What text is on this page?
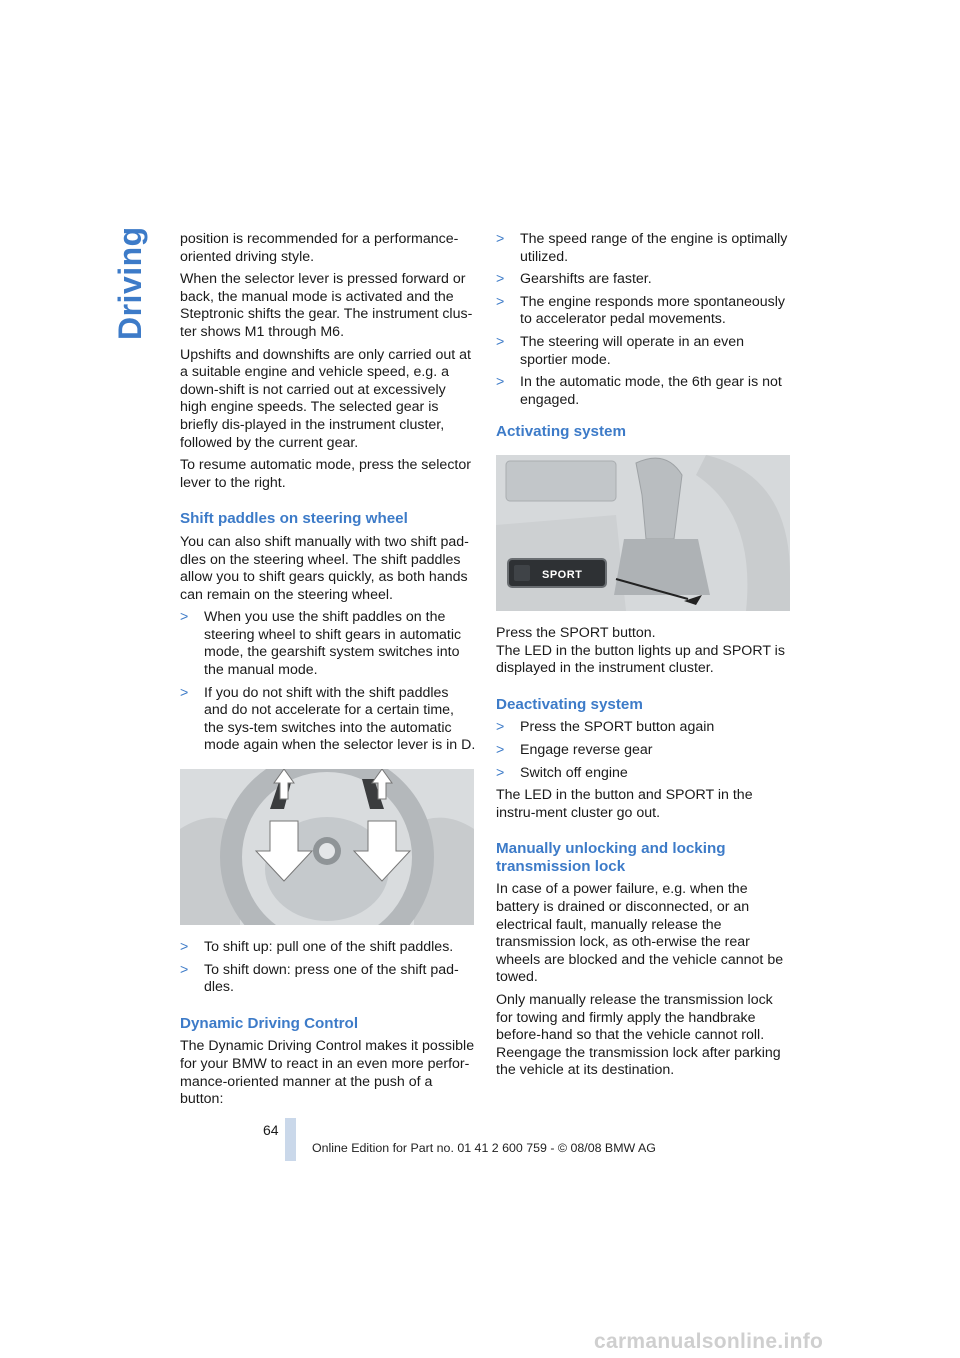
Driving position is recommended for a performance-oriented driving style.

When the selector lever is pressed forward or back, the manual mode is activated and the Steptronic shifts the gear. The instrument clus-ter shows M1 through M6.

Upshifts and downshifts are only carried out at a suitable engine and vehicle speed, e.g. a down-shift is not carried out at excessively high engine speeds. The selected gear is briefly dis-played in the instrument cluster, followed by the current gear.

To resume automatic mode, press the selector lever to the right.

Shift paddles on steering wheel

You can also shift manually with two shift pad-dles on the steering wheel. The shift paddles allow you to shift gears quickly, as both hands can remain on the steering wheel.

> When you use the shift paddles on the steering wheel to shift gears in automatic mode, the gearshift system switches into the manual mode.
> If you do not shift with the shift paddles and do not accelerate for a certain time, the sys-tem switches into the automatic mode again when the selector lever is in D.
> To shift up: pull one of the shift paddles.
> To shift down: press one of the shift pad-dles.
Dynamic Driving Control

The Dynamic Driving Control makes it possible for your BMW to react in an even more perfor-mance-oriented manner at the push of a button:

> The speed range of the engine is optimally utilized.
> Gearshifts are faster.
> The engine responds more spontaneously to accelerator pedal movements.
> The steering will operate in an even sportier mode.
> In the automatic mode, the 6th gear is not engaged.
Activating system
SPORT

Press the SPORT button.
The LED in the button lights up and SPORT is displayed in the instrument cluster.

Deactivating system
> Press the SPORT button again
> Engage reverse gear
> Switch off engine

The LED in the button and SPORT in the instru-ment cluster go out.

Manually unlocking and locking transmission lock

In case of a power failure, e.g. when the battery is drained or disconnected, or an electrical fault, manually release the transmission lock, as oth-erwise the rear wheels are blocked and the vehicle cannot be towed.

Only manually release the transmission lock for towing and firmly apply the handbrake before-hand so that the vehicle cannot roll. Reengage the transmission lock after parking the vehicle at its destination.

64
Online Edition for Part no. 01 41 2 600 759 - © 08/08 BMW AG
carmanualsonline.info
